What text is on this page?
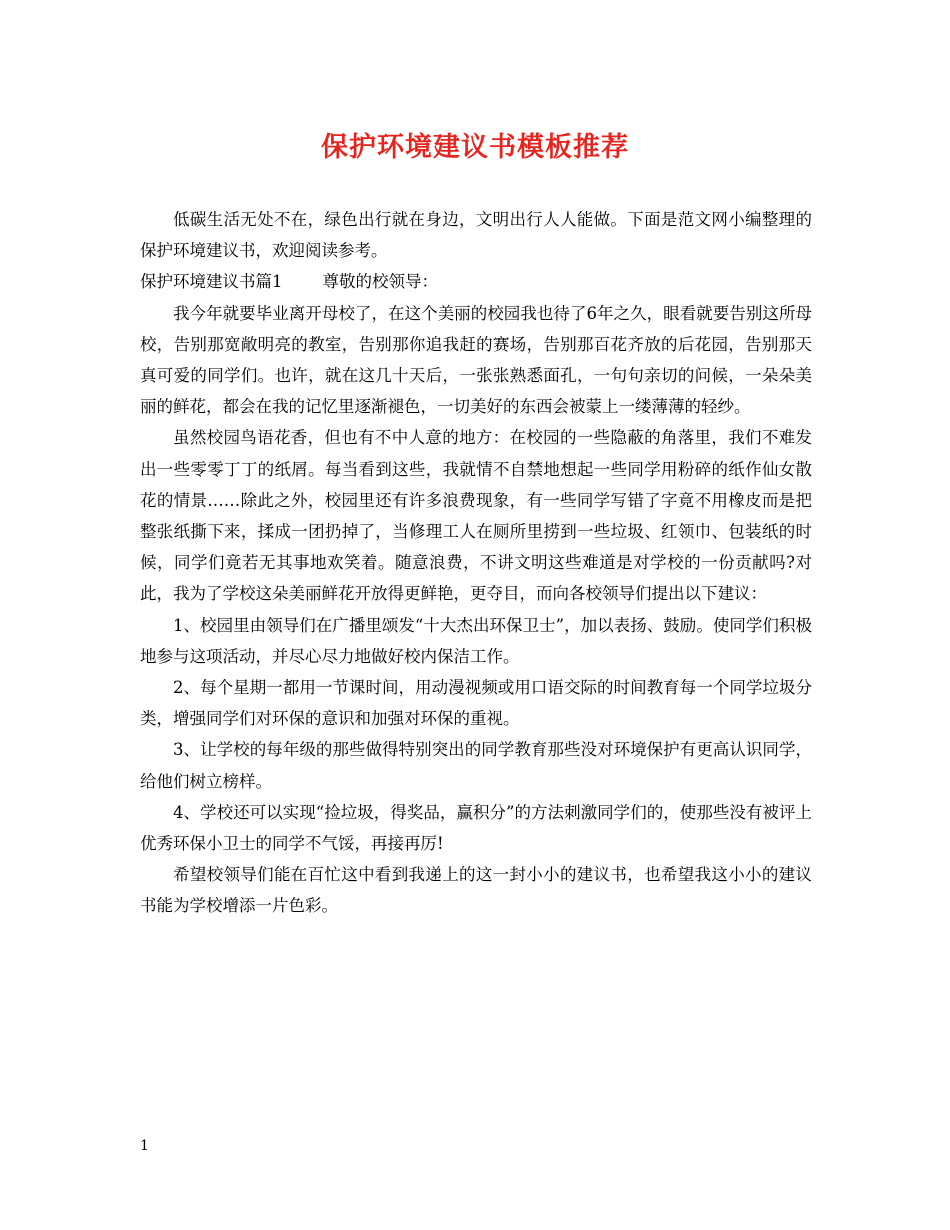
保护环境建议书模板推荐

低碳生活无处不在，绿色出行就在身边，文明出行人人能做。下面是范文网小编整理的保护环境建议书，欢迎阅读参考。

保护环境建议书篇1 尊敬的校领导：

我今年就要毕业离开母校了，在这个美丽的校园我也待了6年之久，眼看就要告别这所母校，告别那宽敞明亮的教室，告别那你追我赶的赛场，告别那百花齐放的后花园，告别那天真可爱的同学们。也许，就在这几十天后，一张张熟悉面孔，一句句亲切的问候，一朵朵美丽的鲜花，都会在我的记忆里逐渐褪色，一切美好的东西会被蒙上一缕薄薄的轻纱。

虽然校园鸟语花香，但也有不中人意的地方：在校园的一些隐蔽的角落里，我们不难发出一些零零丁丁的纸屑。每当看到这些，我就情不自禁地想起一些同学用粉碎的纸作仙女散花的情景……除此之外，校园里还有许多浪费现象，有一些同学写错了字竟不用橡皮而是把整张纸撕下来，揉成一团扔掉了，当修理工人在厕所里捞到一些垃圾、红领巾、包装纸的时候，同学们竟若无其事地欢笑着。随意浪费，不讲文明这些难道是对学校的一份贡献吗?对此，我为了学校这朵美丽鲜花开放得更鲜艳，更夺目，而向各校领导们提出以下建议：

1、校园里由领导们在广播里颂发“十大杰出环保卫士”，加以表扬、鼓励。使同学们积极地参与这项活动，并尽心尽力地做好校内保洁工作。

2、每个星期一都用一节课时间，用动漫视频或用口语交际的时间教育每一个同学垃圾分类，增强同学们对环保的意识和加强对环保的重视。

3、让学校的每年级的那些做得特别突出的同学教育那些没对环境保护有更高认识同学，给他们树立榜样。

4、学校还可以实现“捡垃圾，得奖品，赢积分”的方法刺激同学们的，使那些没有被评上优秀环保小卫士的同学不气馁，再接再厉!

希望校领导们能在百忙这中看到我递上的这一封小小的建议书，也希望我这小小的建议书能为学校增添一片色彩。

1
